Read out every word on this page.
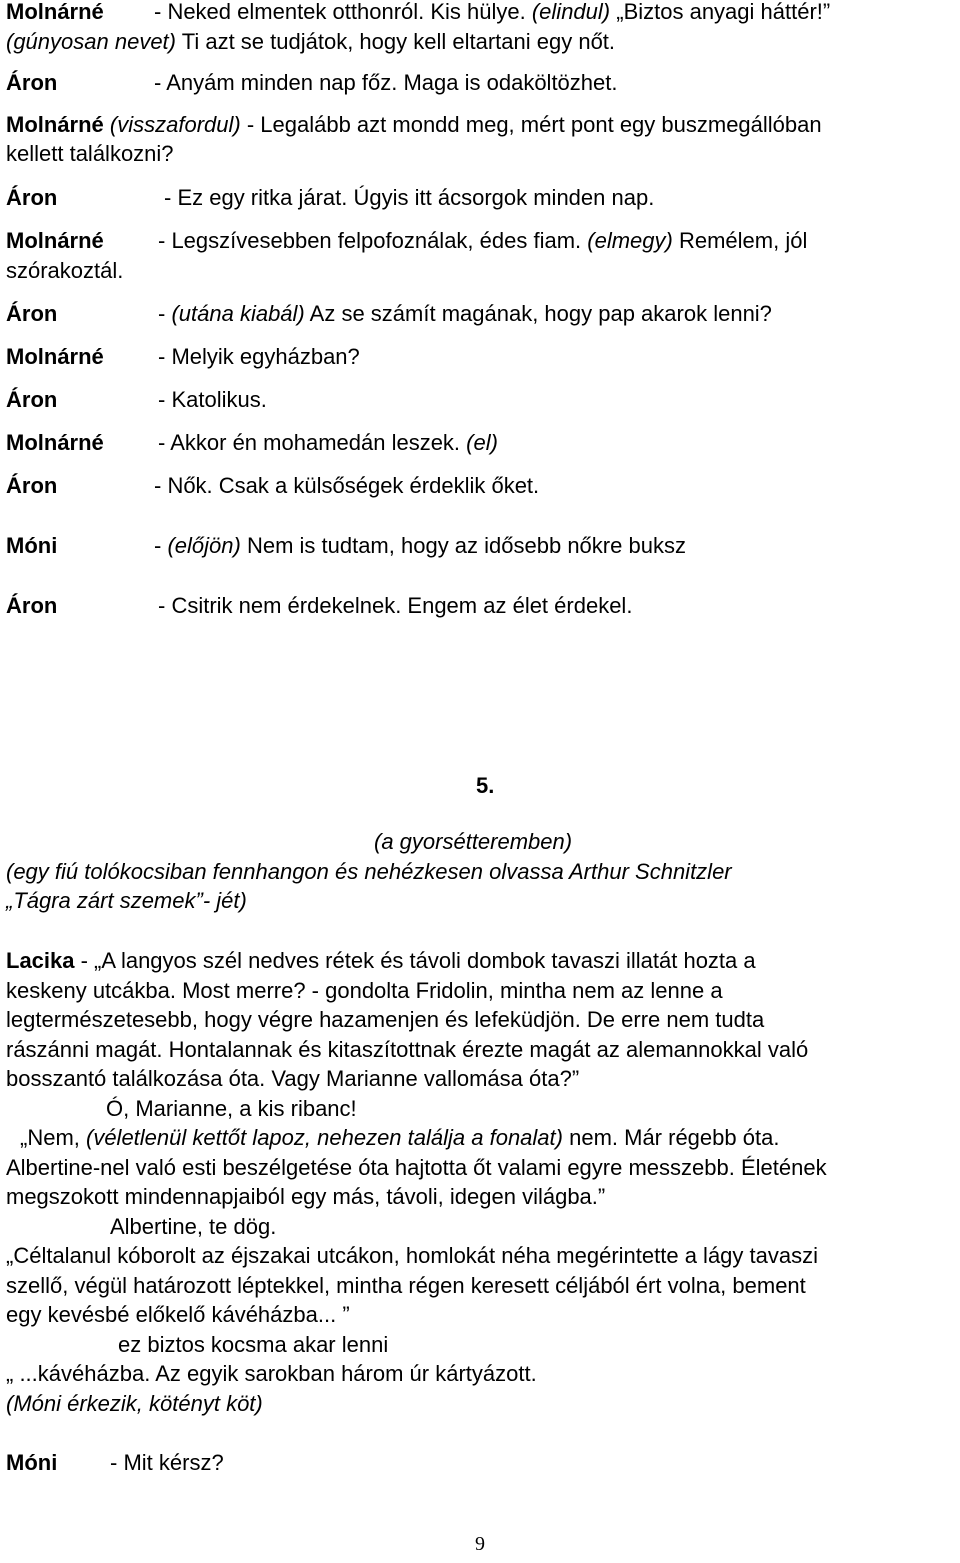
Molnárné - Neked elmentek otthonról. Kis hülye. (elindul) „Biztos anyagi háttér!”
(gúnyosan nevet) Ti azt se tudjátok, hogy kell eltartani egy nőt.
Áron	- Anyám minden nap főz. Maga is odaköltözhet.
Molnárné (visszafordul) - Legalább azt mondd meg, mért pont egy buszmegállóban
kellett találkozni?
Áron	- Ez egy ritka járat. Úgyis itt ácsorgok minden nap.
Molnárné - Legszívesebben felpofoználak, édes fiam. (elmegy) Remélem, jól
szórakoztál.
Áron	- (utána kiabál) Az se számít magának, hogy pap akarok lenni?
Molnárné - Melyik egyházban?
Áron	- Katolikus.
Molnárné - Akkor én mohamedán leszek. (el)
Áron	- Nők. Csak a külsőségek érdeklik őket.
Móni	- (előjön) Nem is tudtam, hogy az idősebb nőkre buksz
Áron	- Csitrik nem érdekelnek. Engem az élet érdekel.
5.
(a gyorsétteremben)
(egy fiú tolókocsiban fennhangon és nehézkesen olvassa Arthur Schnitzler
„Tágra zárt szemek”- jét)
Lacika - „A langyos szél nedves rétek és távoli dombok tavaszi illatát hozta a
keskeny utcákba. Most merre? - gondolta Fridolin, mintha nem az lenne a
legtermészetesebb, hogy végre hazamenjen és lefeküdjön. De erre nem tudta
rászánni magát. Hontalannak és kitaszítottnak érezte magát az alemannokkal való
bosszantó találkozása óta. Vagy Marianne vallomása óta?”
Ó, Marianne, a kis ribanc!
„Nem, (véletlenül kettőt lapoz, nehezen találja a fonalat) nem. Már régebb óta.
Albertine-nel való esti beszélgetése óta hajtotta őt valami egyre messzebb. Életének
megszokott mindennapjaiból egy más, távoli, idegen világba.”
Albertine, te dög.
„Céltalanul kóborolt az éjszakai utcákon, homlokát néha megérintette a lágy tavaszi
szellő, végül határozott léptekkel, mintha régen keresett céljából ért volna, bement
egy kevésbé előkelő kávéházba... ”
ez biztos kocsma akar lenni
„ ...kávéházba. Az egyik sarokban három úr kártyázott.
(Móni érkezik, kötényt köt)
Móni - Mit kérsz?
9
